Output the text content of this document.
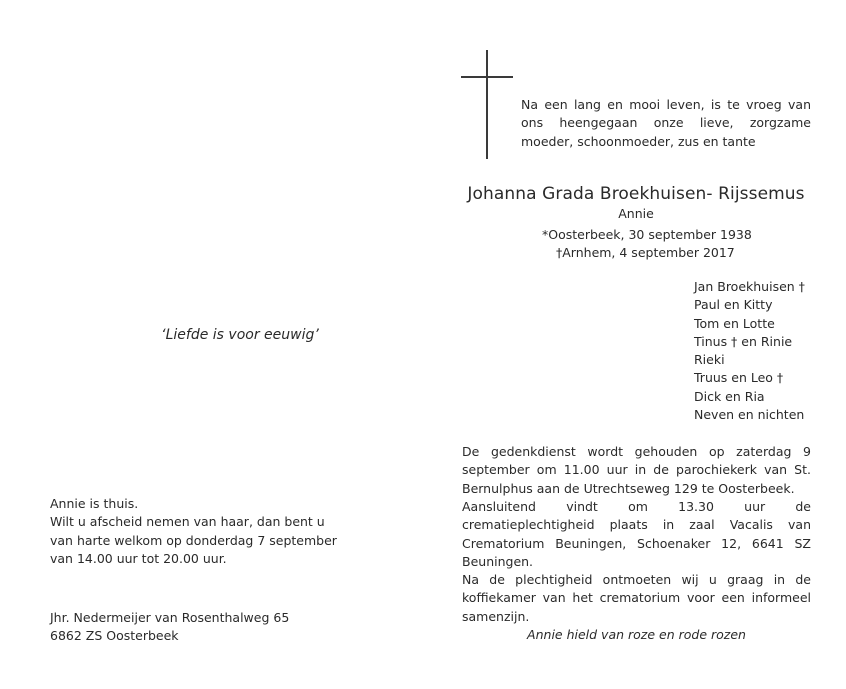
‘Liefde is voor eeuwig’
Annie is thuis.
Wilt u afscheid nemen van haar, dan bent u
van harte welkom op donderdag 7 september
van 14.00 uur tot 20.00 uur.
Jhr. Nedermeijer van Rosenthalweg 65
6862 ZS Oosterbeek
Na een lang en mooi leven, is te vroeg van ons heengegaan onze lieve, zorgzame moeder, schoonmoeder, zus en tante
Johanna Grada Broekhuisen- Rijssemus
Annie
*Oosterbeek, 30 september 1938
†Arnhem, 4 september 2017
Jan Broekhuisen †
Paul en Kitty
Tom en Lotte
Tinus † en Rinie
Rieki
Truus en Leo †
Dick en Ria
Neven en nichten
De gedenkdienst wordt gehouden op zaterdag 9 september om 11.00 uur in de parochiekerk van St. Bernulphus aan de Utrechtseweg 129 te Oosterbeek.
Aansluitend vindt om 13.30 uur de crematieplechtigheid plaats in zaal Vacalis van Crematorium Beuningen, Schoenaker 12, 6641 SZ Beuningen.
Na de plechtigheid ontmoeten wij u graag in de koffiekamer van het crematorium voor een informeel samenzijn.
Annie hield van roze en rode rozen
